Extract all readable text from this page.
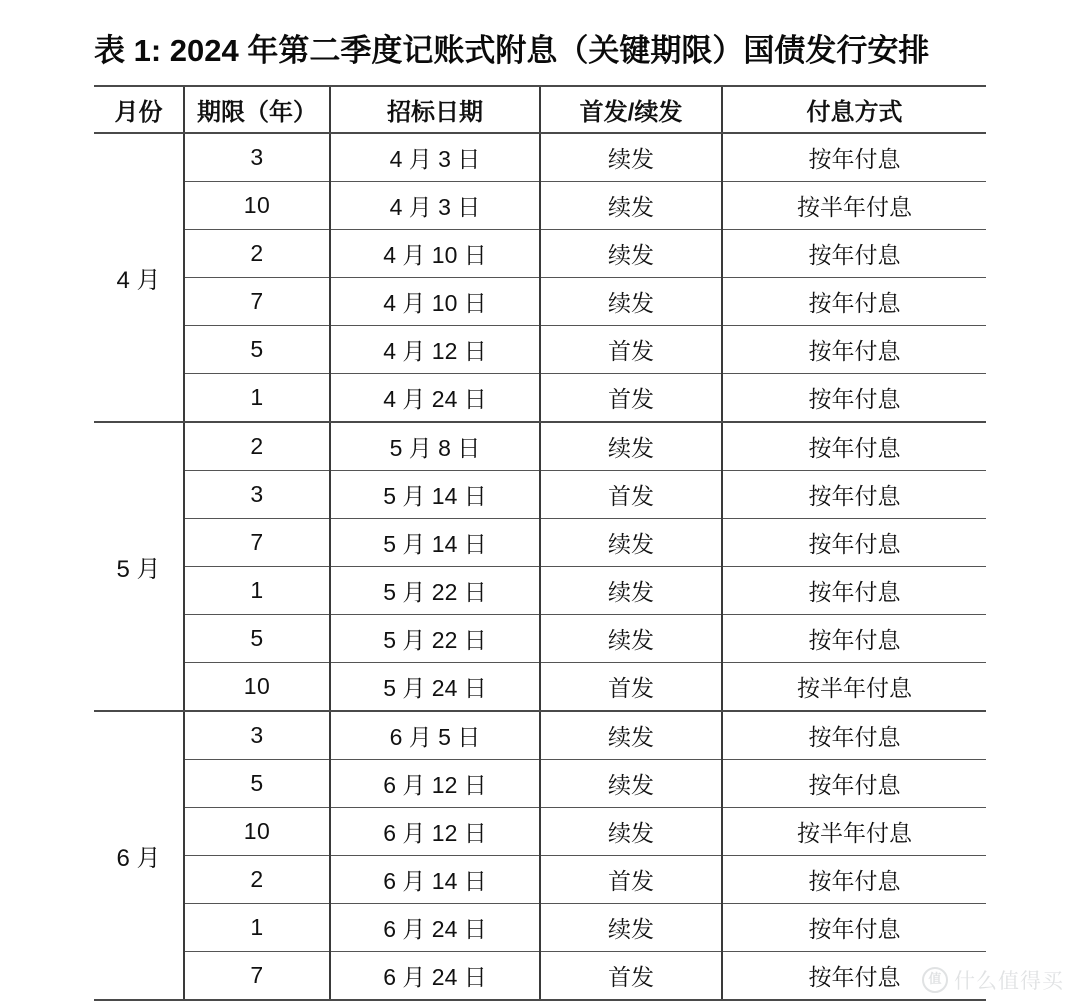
表 1: 2024 年第二季度记账式附息（关键期限）国债发行安排
月份	期限（年）	招标日期	首发/续发	付息方式
4 月	3	4 月 3 日	续发	按年付息
	10	4 月 3 日	续发	按半年付息
	2	4 月 10 日	续发	按年付息
	7	4 月 10 日	续发	按年付息
	5	4 月 12 日	首发	按年付息
	1	4 月 24 日	首发	按年付息
5 月	2	5 月 8 日	续发	按年付息
	3	5 月 14 日	首发	按年付息
	7	5 月 14 日	续发	按年付息
	1	5 月 22 日	续发	按年付息
	5	5 月 22 日	续发	按年付息
	10	5 月 24 日	首发	按半年付息
6 月	3	6 月 5 日	续发	按年付息
	5	6 月 12 日	续发	按年付息
	10	6 月 12 日	续发	按半年付息
	2	6 月 14 日	首发	按年付息
	1	6 月 24 日	续发	按年付息
	7	6 月 24 日	首发	按年付息	值 什么值得买
